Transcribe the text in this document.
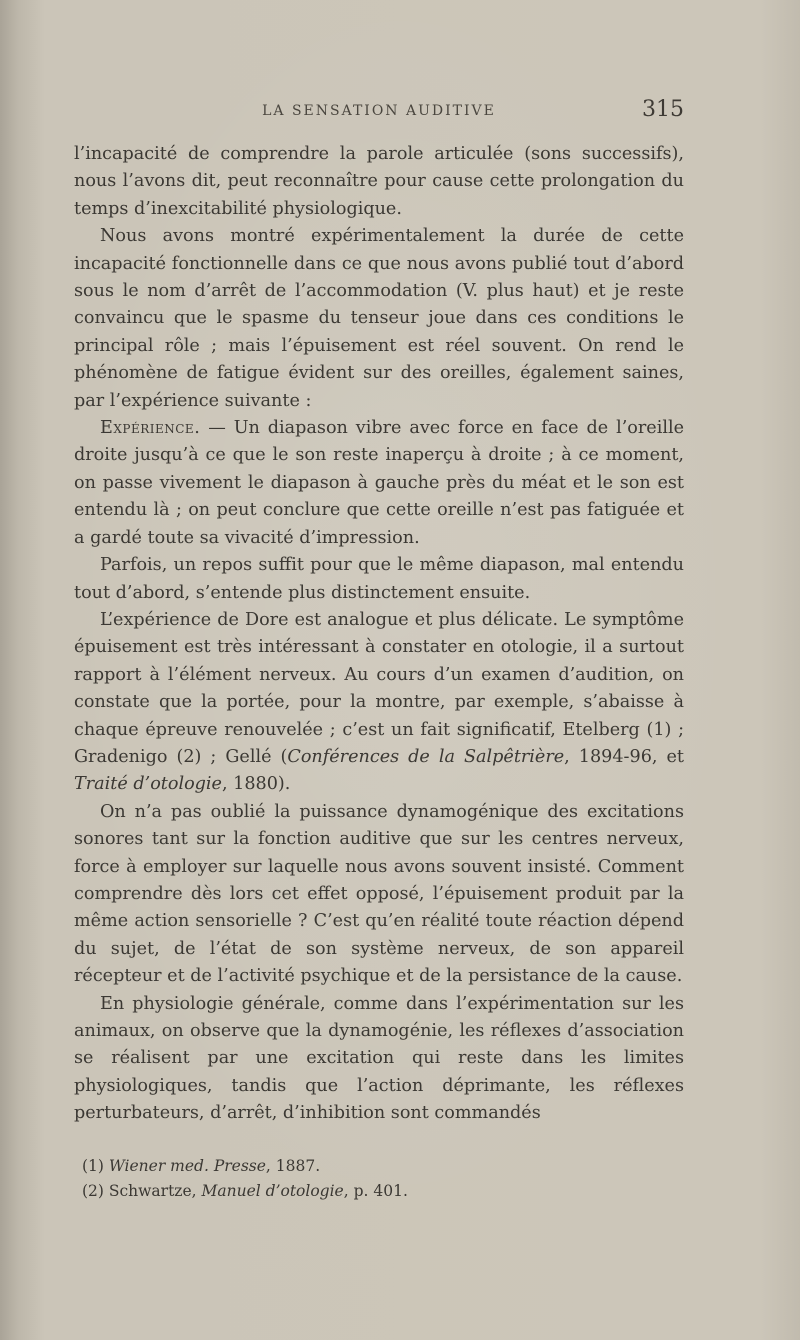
LA SENSATION AUDITIVE	315

l’incapacité de comprendre la parole articulée (sons successifs), nous l’avons dit, peut reconnaître pour cause cette prolongation du temps d’inexcitabilité physiologique.

Nous avons montré expérimentalement la durée de cette incapacité fonctionnelle dans ce que nous avons publié tout d’abord sous le nom d’arrêt de l’accommodation (V. plus haut) et je reste convaincu que le spasme du tenseur joue dans ces conditions le principal rôle ; mais l’épuisement est réel souvent. On rend le phénomène de fatigue évident sur des oreilles, également saines, par l’expérience suivante :

Expérience. — Un diapason vibre avec force en face de l’oreille droite jusqu’à ce que le son reste inaperçu à droite ; à ce moment, on passe vivement le diapason à gauche près du méat et le son est entendu là ; on peut conclure que cette oreille n’est pas fatiguée et a gardé toute sa vivacité d’impression.

Parfois, un repos suffit pour que le même diapason, mal entendu tout d’abord, s’entende plus distinctement ensuite.

L’expérience de Dore est analogue et plus délicate. Le symptôme épuisement est très intéressant à constater en otologie, il a surtout rapport à l’élément nerveux. Au cours d’un examen d’audition, on constate que la portée, pour la montre, par exemple, s’abaisse à chaque épreuve renouvelée ; c’est un fait significatif, Etelberg (1) ; Gradenigo (2) ; Gellé (Conférences de la Salpêtrière, 1894-96, et Traité d’otologie, 1880).

On n’a pas oublié la puissance dynamogénique des excitations sonores tant sur la fonction auditive que sur les centres nerveux, force à employer sur laquelle nous avons souvent insisté. Comment comprendre dès lors cet effet opposé, l’épuisement produit par la même action sensorielle ? C’est qu’en réalité toute réaction dépend du sujet, de l’état de son système nerveux, de son appareil récepteur et de l’activité psychique et de la persistance de la cause.

En physiologie générale, comme dans l’expérimentation sur les animaux, on observe que la dynamogénie, les réflexes d’association se réalisent par une excitation qui reste dans les limites physiologiques, tandis que l’action déprimante, les réflexes perturbateurs, d’arrêt, d’inhibition sont commandés

(1) Wiener med. Presse, 1887.

(2) Schwartze, Manuel d’otologie, p. 401.
